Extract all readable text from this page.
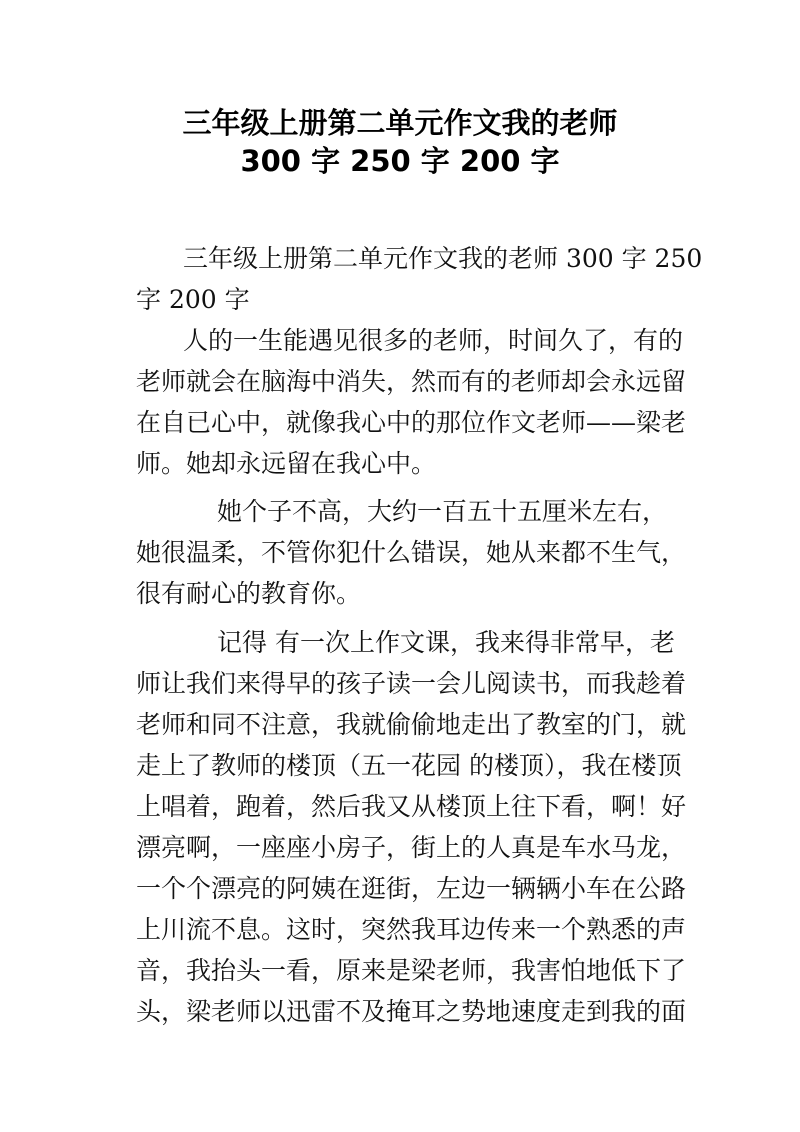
三年级上册第二单元作文我的老师
300 字 250 字 200 字
三年级上册第二单元作文我的老师 300 字 250
字 200 字
人的一生能遇见很多的老师，时间久了，有的
老师就会在脑海中消失，然而有的老师却会永远留
在自已心中，就像我心中的那位作文老师——梁老
师。她却永远留在我心中。
她个子不高，大约一百五十五厘米左右，
她很温柔，不管你犯什么错误，她从来都不生气，
很有耐心的教育你。
记得 有一次上作文课，我来得非常早，老
师让我们来得早的孩子读一会儿阅读书，而我趁着
老师和同不注意，我就偷偷地走出了教室的门，就
走上了教师的楼顶（五一花园 的楼顶），我在楼顶
上唱着，跑着，然后我又从楼顶上往下看，啊！好
漂亮啊，一座座小房子，街上的人真是车水马龙，
一个个漂亮的阿姨在逛街，左边一辆辆小车在公路
上川流不息。这时，突然我耳边传来一个熟悉的声
音，我抬头一看，原来是梁老师，我害怕地低下了
头，梁老师以迅雷不及掩耳之势地速度走到我的面
